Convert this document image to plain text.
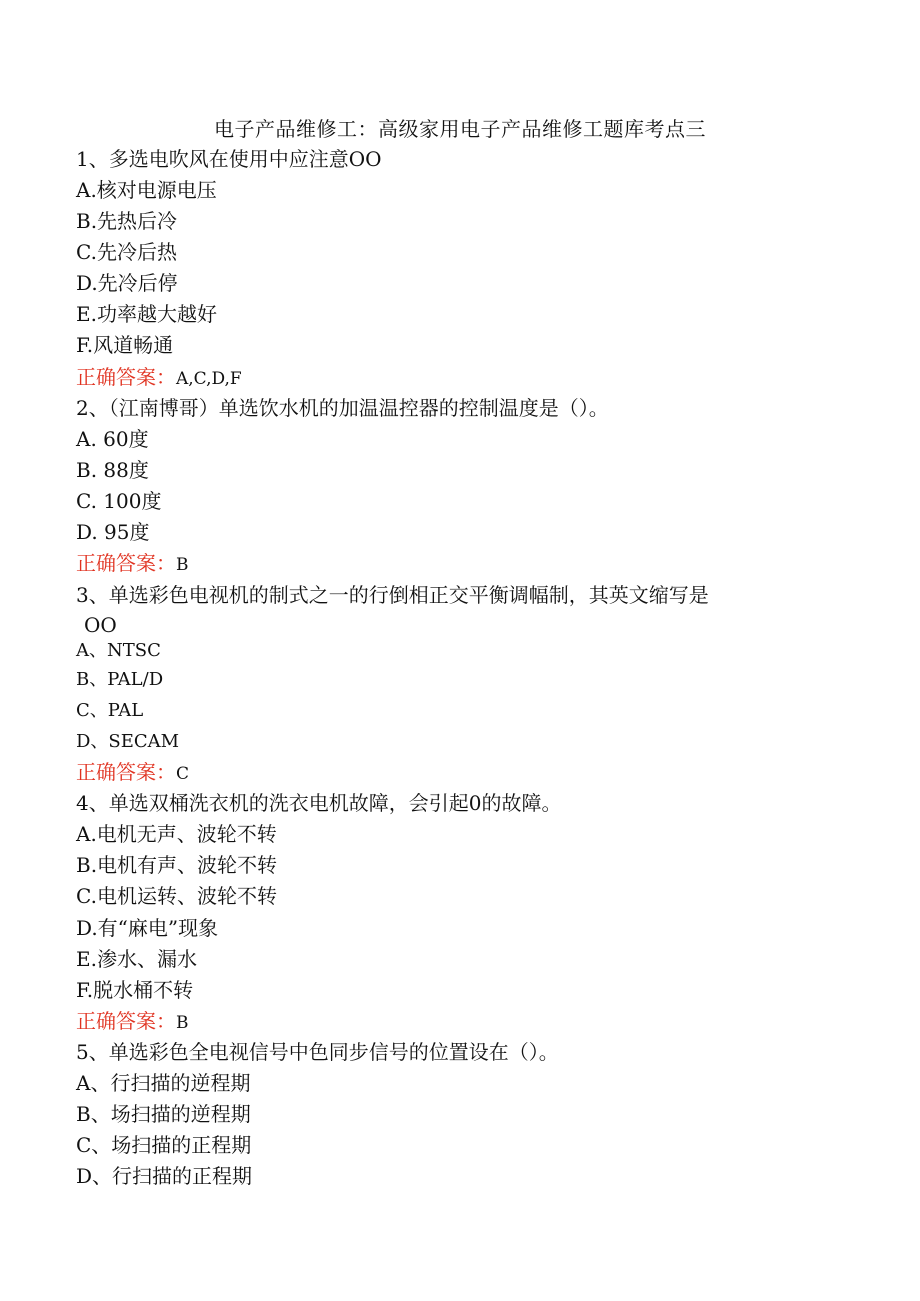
电子产品维修工：高级家用电子产品维修工题库考点三
1、多选电吹风在使用中应注意OO
A.核对电源电压
B.先热后冷
C.先冷后热
D.先冷后停
E.功率越大越好
F.风道畅通
正确答案：A,C,D,F
2、（江南博哥）单选饮水机的加温温控器的控制温度是（）。
A. 60度
B. 88度
C. 100度
D. 95度
正确答案：B
3、单选彩色电视机的制式之一的行倒相正交平衡调幅制，其英文缩写是
OO
A、NTSC
B、PAL/D
C、PAL
D、SECAM
正确答案：C
4、单选双桶洗衣机的洗衣电机故障，会引起0的故障。
A.电机无声、波轮不转
B.电机有声、波轮不转
C.电机运转、波轮不转
D.有“麻电”现象
E.渗水、漏水
F.脱水桶不转
正确答案：B
5、单选彩色全电视信号中色同步信号的位置设在（）。
A、行扫描的逆程期
B、场扫描的逆程期
C、场扫描的正程期
D、行扫描的正程期
